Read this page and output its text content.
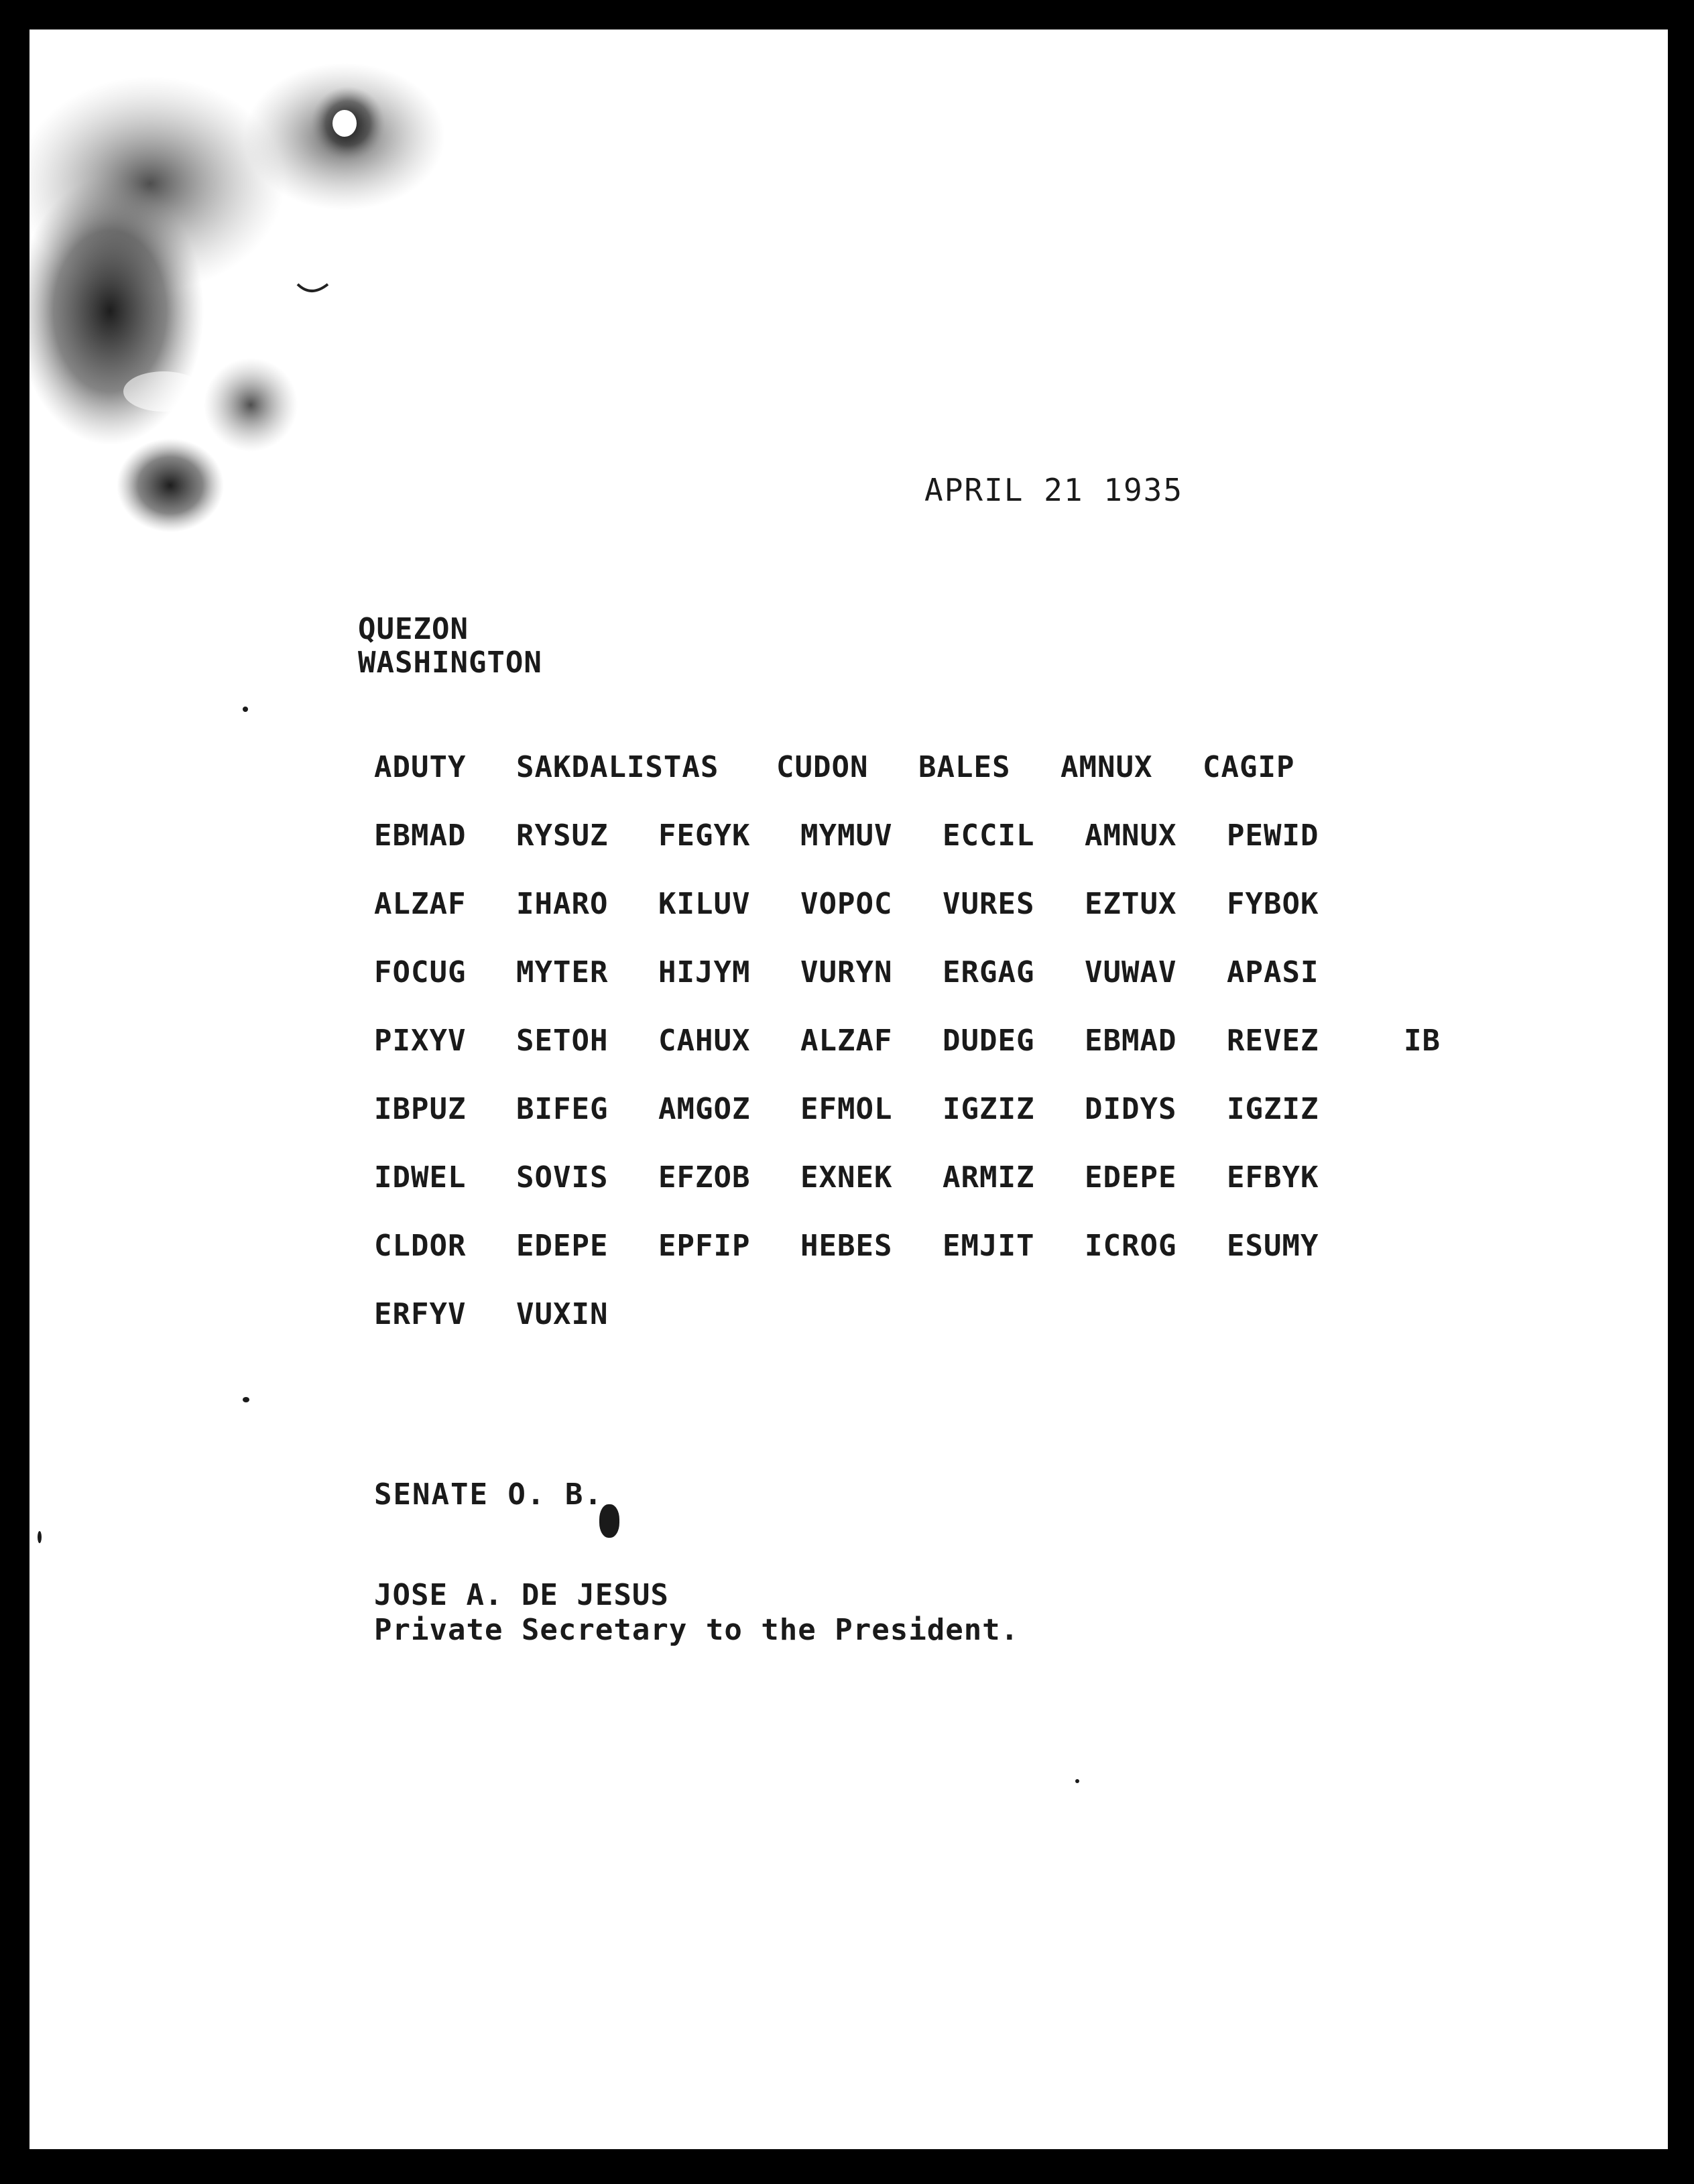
APRIL 21 1935
QUEZON
WASHINGTON
ADUTY SAKDALISTAS CUDON BALES AMNUX CAGIP
EBMAD RYSUZ FEGYK MYMUV ECCIL AMNUX PEWID
ALZAF IHARO KILUV VOPOC VURES EZTUX FYBOK
FOCUG MYTER HIJYM VURYN ERGAG VUWAV APASI
PIXYV SETOH CAHUX ALZAF DUDEG EBMAD REVEZ	IB
IBPUZ BIFEG AMGOZ EFMOL IGZIZ DIDYS IGZIZ
IDWEL SOVIS EFZOB EXNEK ARMIZ EDEPE EFBYK
CLDOR EDEPE EPFIP HEBES EMJIT ICROG ESUMY
ERFYV VUXIN
SENATE O. B.
JOSE A. DE JESUS
Private Secretary to the President.
